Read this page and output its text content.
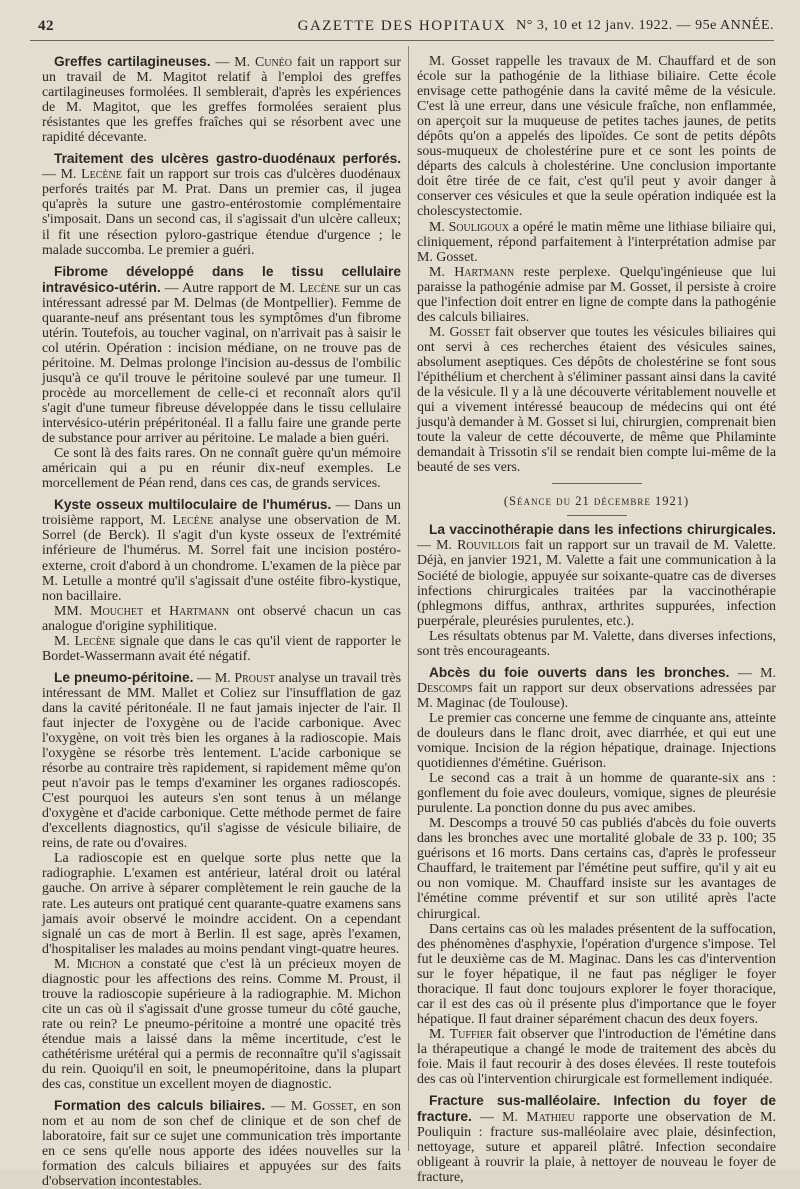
42	GAZETTE DES HOPITAUX N° 3, 10 et 12 janv. 1922. — 95e ANNÉE.

Greffes cartilagineuses. — M. Cunéo fait un rapport sur un travail de M. Magitot relatif à l'emploi des greffes cartilagineuses formolées. Il semblerait, d'après les expériences de M. Magitot, que les greffes formolées seraient plus résistantes que les greffes fraîches qui se résorbent avec une rapidité décevante.

Traitement des ulcères gastro-duodénaux perforés. — M. Lecène fait un rapport sur trois cas d'ulcères duodénaux perforés traités par M. Prat. Dans un premier cas, il jugea qu'après la suture une gastro-entérostomie complémentaire s'imposait. Dans un second cas, il s'agissait d'un ulcère calleux; il fit une résection pyloro-gastrique étendue d'urgence ; le malade succomba. Le premier a guéri.

Fibrome développé dans le tissu cellulaire intravésico-utérin. — Autre rapport de M. Lecène sur un cas intéressant adressé par M. Delmas (de Montpellier). Femme de quarante-neuf ans présentant tous les symptômes d'un fibrome utérin. Toutefois, au toucher vaginal, on n'arrivait pas à saisir le col utérin. Opération : incision médiane, on ne trouve pas de péritoine. M. Delmas prolonge l'incision au-dessus de l'ombilic jusqu'à ce qu'il trouve le péritoine soulevé par une tumeur. Il procède au morcellement de celle-ci et reconnaît alors qu'il s'agit d'une tumeur fibreuse développée dans le tissu cellulaire intervésico-utérin prépéritonéal. Il a fallu faire une grande perte de substance pour arriver au péritoine. Le malade a bien guéri.

Ce sont là des faits rares. On ne connaît guère qu'un mémoire américain qui a pu en réunir dix-neuf exemples. Le morcellement de Péan rend, dans ces cas, de grands services.

Kyste osseux multiloculaire de l'humérus. — Dans un troisième rapport, M. Lecène analyse une observation de M. Sorrel (de Berck). Il s'agit d'un kyste osseux de l'extrémité inférieure de l'humérus. M. Sorrel fait une incision postéro-externe, croit d'abord à un chondrome. L'examen de la pièce par M. Letulle a montré qu'il s'agissait d'une ostéite fibro-kystique, non bacillaire.

MM. Mouchet et Hartmann ont observé chacun un cas analogue d'origine syphilitique.

M. Lecène signale que dans le cas qu'il vient de rapporter le Bordet-Wassermann avait été négatif.

Le pneumo-péritoine. — M. Proust analyse un travail très intéressant de MM. Mallet et Coliez sur l'insufflation de gaz dans la cavité péritonéale. Il ne faut jamais injecter de l'air. Il faut injecter de l'oxygène ou de l'acide carbonique. Avec l'oxygène, on voit très bien les organes à la radioscopie. Mais l'oxygène se résorbe très lentement. L'acide carbonique se résorbe au contraire très rapidement, si rapidement même qu'on peut n'avoir pas le temps d'examiner les organes radioscopés. C'est pourquoi les auteurs s'en sont tenus à un mélange d'oxygène et d'acide carbonique. Cette méthode permet de faire d'excellents diagnostics, qu'il s'agisse de vésicule biliaire, de reins, de rate ou d'ovaires.

La radioscopie est en quelque sorte plus nette que la radiographie. L'examen est antérieur, latéral droit ou latéral gauche. On arrive à séparer complètement le rein gauche de la rate. Les auteurs ont pratiqué cent quarante-quatre examens sans jamais avoir observé le moindre accident. On a cependant signalé un cas de mort à Berlin. Il est sage, après l'examen, d'hospitaliser les malades au moins pendant vingt-quatre heures.

M. Michon a constaté que c'est là un précieux moyen de diagnostic pour les affections des reins. Comme M. Proust, il trouve la radioscopie supérieure à la radiographie. M. Michon cite un cas où il s'agissait d'une grosse tumeur du côté gauche, rate ou rein? Le pneumo-péritoine a montré une opacité très étendue mais a laissé dans la même incertitude, c'est le cathétérisme urétéral qui a permis de reconnaître qu'il s'agissait du rein. Quoiqu'il en soit, le pneumopéritoine, dans la plupart des cas, constitue un excellent moyen de diagnostic.

Formation des calculs biliaires. — M. Gosset, en son nom et au nom de son chef de clinique et de son chef de laboratoire, fait sur ce sujet une communication très importante en ce sens qu'elle nous apporte des idées nouvelles sur la formation des calculs biliaires et appuyées sur des faits d'observation incontestables.

M. Gosset rappelle les travaux de M. Chauffard et de son école sur la pathogénie de la lithiase biliaire. Cette école envisage cette pathogénie dans la cavité même de la vésicule. C'est là une erreur, dans une vésicule fraîche, non enflammée, on aperçoit sur la muqueuse de petites taches jaunes, de petits dépôts qu'on a appelés des lipoïdes. Ce sont de petits dépôts sous-muqueux de cholestérine pure et ce sont les points de départs des calculs à cholestérine. Une conclusion importante doit être tirée de ce fait, c'est qu'il peut y avoir danger à conserver ces vésicules et que la seule opération indiquée est la cholescystectomie.

M. Souligoux a opéré le matin même une lithiase biliaire qui, cliniquement, répond parfaitement à l'interprétation admise par M. Gosset.

M. Hartmann reste perplexe. Quelqu'ingénieuse que lui paraisse la pathogénie admise par M. Gosset, il persiste à croire que l'infection doit entrer en ligne de compte dans la pathogénie des calculs biliaires.

M. Gosset fait observer que toutes les vésicules biliaires qui ont servi à ces recherches étaient des vésicules saines, absolument aseptiques. Ces dépôts de cholestérine se font sous l'épithélium et cherchent à s'éliminer passant ainsi dans la cavité de la vésicule. Il y a là une découverte véritablement nouvelle et qui a vivement intéressé beaucoup de médecins qui ont été jusqu'à demander à M. Gosset si lui, chirurgien, comprenait bien toute la valeur de cette découverte, de même que Philaminte demandait à Trissotin s'il se rendait bien compte lui-même de la beauté de ses vers.

(Séance du 21 décembre 1921)

La vaccinothérapie dans les infections chirurgicales. — M. Rouvillois fait un rapport sur un travail de M. Valette. Déjà, en janvier 1921, M. Valette a fait une communication à la Société de biologie, appuyée sur soixante-quatre cas de diverses infections chirurgicales traitées par la vaccinothérapie (phlegmons diffus, anthrax, arthrites suppurées, infection puerpérale, pleurésies purulentes, etc.).

Les résultats obtenus par M. Valette, dans diverses infections, sont très encourageants.

Abcès du foie ouverts dans les bronches. — M. Descomps fait un rapport sur deux observations adressées par M. Maginac (de Toulouse).

Le premier cas concerne une femme de cinquante ans, atteinte de douleurs dans le flanc droit, avec diarrhée, et qui eut une vomique. Incision de la région hépatique, drainage. Injections quotidiennes d'émétine. Guérison.

Le second cas a trait à un homme de quarante-six ans : gonflement du foie avec douleurs, vomique, signes de pleurésie purulente. La ponction donne du pus avec amibes.

M. Descomps a trouvé 50 cas publiés d'abcès du foie ouverts dans les bronches avec une mortalité globale de 33 p. 100; 35 guérisons et 16 morts. Dans certains cas, d'après le professeur Chauffard, le traitement par l'émétine peut suffire, qu'il y ait eu ou non vomique. M. Chauffard insiste sur les avantages de l'émétine comme préventif et sur son utilité après l'acte chirurgical.

Dans certains cas où les malades présentent de la suffocation, des phénomènes d'asphyxie, l'opération d'urgence s'impose. Tel fut le deuxième cas de M. Maginac. Dans les cas d'intervention sur le foyer hépatique, il ne faut pas négliger le foyer thoracique. Il faut donc toujours explorer le foyer thoracique, car il est des cas où il présente plus d'importance que le foyer hépatique. Il faut drainer séparément chacun des deux foyers.

M. Tuffier fait observer que l'introduction de l'émétine dans la thérapeutique a changé le mode de traitement des abcès du foie. Mais il faut recourir à des doses élevées. Il reste toutefois des cas où l'intervention chirurgicale est formellement indiquée.

Fracture sus-malléolaire. Infection du foyer de fracture. — M. Mathieu rapporte une observation de M. Pouliquin : fracture sus-malléolaire avec plaie, désinfection, nettoyage, suture et appareil plâtré. Infection secondaire obligeant à rouvrir la plaie, à nettoyer de nouveau le foyer de fracture,
